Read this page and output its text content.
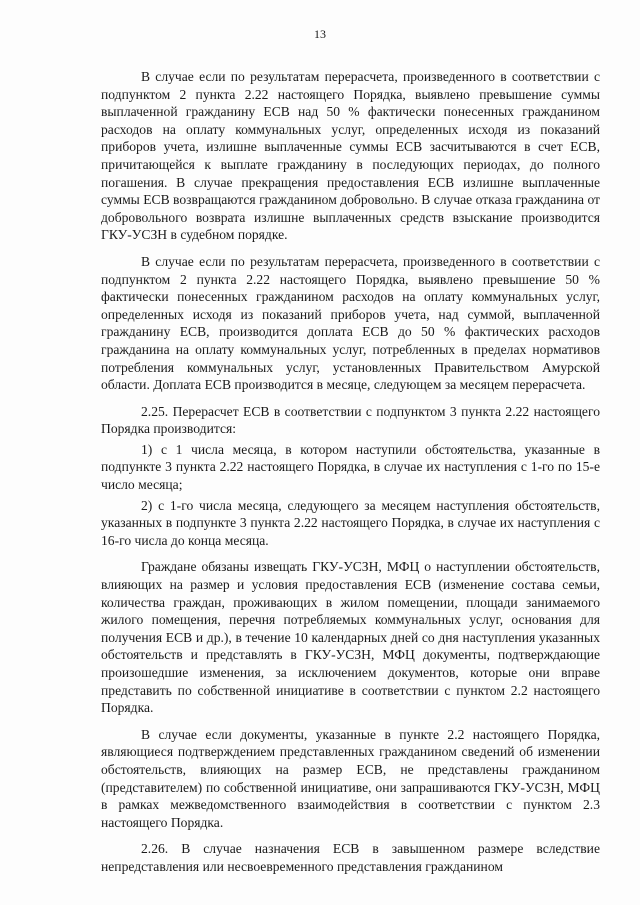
13

В случае если по результатам перерасчета, произведенного в соответствии с подпунктом 2 пункта 2.22 настоящего Порядка, выявлено превышение суммы выплаченной гражданину ЕСВ над 50 % фактически понесенных гражданином расходов на оплату коммунальных услуг, определенных исходя из показаний приборов учета, излишне выплаченные суммы ЕСВ засчитываются в счет ЕСВ, причитающейся к выплате гражданину в последующих периодах, до полного погашения. В случае прекращения предоставления ЕСВ излишне выплаченные суммы ЕСВ возвращаются гражданином добровольно. В случае отказа гражданина от добровольного возврата излишне выплаченных средств взыскание производится ГКУ-УСЗН в судебном порядке.

В случае если по результатам перерасчета, произведенного в соответствии с подпунктом 2 пункта 2.22 настоящего Порядка, выявлено превышение 50 % фактически понесенных гражданином расходов на оплату коммунальных услуг, определенных исходя из показаний приборов учета, над суммой, выплаченной гражданину ЕСВ, производится доплата ЕСВ до 50 % фактических расходов гражданина на оплату коммунальных услуг, потребленных в пределах нормативов потребления коммунальных услуг, установленных Правительством Амурской области. Доплата ЕСВ производится в месяце, следующем за месяцем перерасчета.

2.25. Перерасчет ЕСВ в соответствии с подпунктом 3 пункта 2.22 настоящего Порядка производится:

1) с 1 числа месяца, в котором наступили обстоятельства, указанные в подпункте 3 пункта 2.22 настоящего Порядка, в случае их наступления с 1-го по 15-е число месяца;

2) с 1-го числа месяца, следующего за месяцем наступления обстоятельств, указанных в подпункте 3 пункта 2.22 настоящего Порядка, в случае их наступления с 16-го числа до конца месяца.

Граждане обязаны извещать ГКУ-УСЗН, МФЦ о наступлении обстоятельств, влияющих на размер и условия предоставления ЕСВ (изменение состава семьи, количества граждан, проживающих в жилом помещении, площади занимаемого жилого помещения, перечня потребляемых коммунальных услуг, основания для получения ЕСВ и др.), в течение 10 календарных дней со дня наступления указанных обстоятельств и представлять в ГКУ-УСЗН, МФЦ документы, подтверждающие произошедшие изменения, за исключением документов, которые они вправе представить по собственной инициативе в соответствии с пунктом 2.2 настоящего Порядка.

В случае если документы, указанные в пункте 2.2 настоящего Порядка, являющиеся подтверждением представленных гражданином сведений об изменении обстоятельств, влияющих на размер ЕСВ, не представлены гражданином (представителем) по собственной инициативе, они запрашиваются ГКУ-УСЗН, МФЦ в рамках межведомственного взаимодействия в соответствии с пунктом 2.3 настоящего Порядка.

2.26. В случае назначения ЕСВ в завышенном размере вследствие непредставления или несвоевременного представления гражданином
